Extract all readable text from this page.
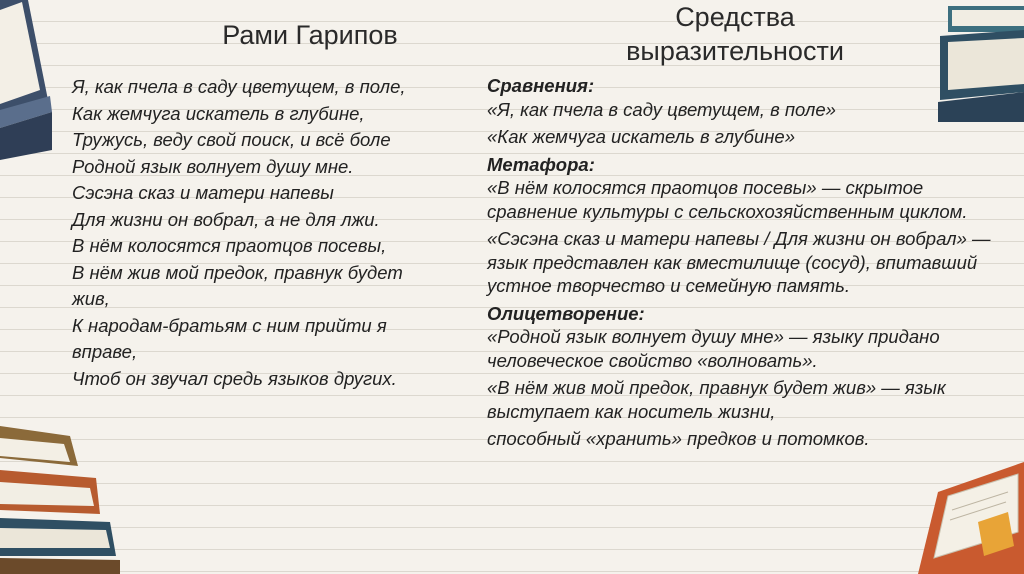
Рами Гарипов
Средства выразительности
Я, как пчела в саду цветущем, в поле,
Как жемчуга искатель в глубине,
Тружусь, веду свой поиск, и всё боле
Родной язык волнует душу мне.
Сэсэна сказ и матери напевы
Для жизни он вобрал, а не для лжи.
В нём колосятся праотцов посевы,
В нём жив мой предок, правнук будет
жив,
К народам-братьям с ним прийти я
вправе,
Чтоб он звучал средь языков других.
Сравнения:
«Я, как пчела в саду цветущем, в поле»
«Как жемчуга искатель в глубине»
Метафора:
«В нём колосятся праотцов посевы» — скрытое сравнение культуры с сельскохозяйственным циклом.
«Сэсэна сказ и матери напевы / Для жизни он вобрал» — язык представлен как вместилище (сосуд), впитавший устное творчество и семейную память.
Олицетворение:
«Родной язык волнует душу мне» — языку придано человеческое свойство «волновать».
«В нём жив мой предок, правнук будет жив» — язык выступает как носитель жизни,
способный «хранить» предков и потомков.
